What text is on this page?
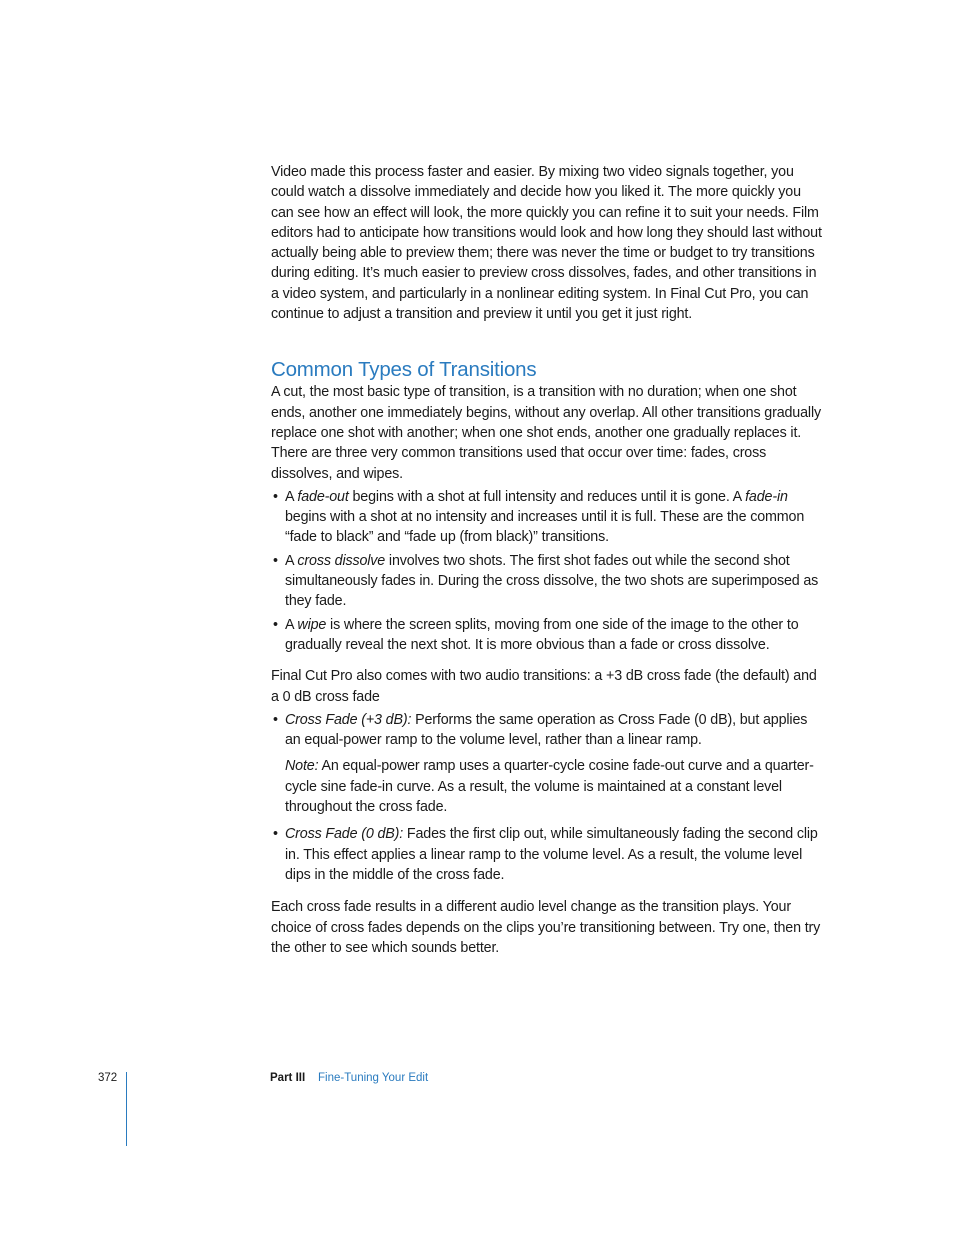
Video made this process faster and easier. By mixing two video signals together, you could watch a dissolve immediately and decide how you liked it. The more quickly you can see how an effect will look, the more quickly you can refine it to suit your needs. Film editors had to anticipate how transitions would look and how long they should last without actually being able to preview them; there was never the time or budget to try transitions during editing. It’s much easier to preview cross dissolves, fades, and other transitions in a video system, and particularly in a nonlinear editing system. In Final Cut Pro, you can continue to adjust a transition and preview it until you get it just right.

Common Types of Transitions

A cut, the most basic type of transition, is a transition with no duration; when one shot ends, another one immediately begins, without any overlap. All other transitions gradually replace one shot with another; when one shot ends, another one gradually replaces it. There are three very common transitions used that occur over time: fades, cross dissolves, and wipes.

• A fade-out begins with a shot at full intensity and reduces until it is gone. A fade-in begins with a shot at no intensity and increases until it is full. These are the common “fade to black” and “fade up (from black)” transitions.
• A cross dissolve involves two shots. The first shot fades out while the second shot simultaneously fades in. During the cross dissolve, the two shots are superimposed as they fade.
• A wipe is where the screen splits, moving from one side of the image to the other to gradually reveal the next shot. It is more obvious than a fade or cross dissolve.

Final Cut Pro also comes with two audio transitions: a +3 dB cross fade (the default) and a 0 dB cross fade

• Cross Fade (+3 dB): Performs the same operation as Cross Fade (0 dB), but applies an equal-power ramp to the volume level, rather than a linear ramp.
Note: An equal-power ramp uses a quarter-cycle cosine fade-out curve and a quarter-cycle sine fade-in curve. As a result, the volume is maintained at a constant level throughout the cross fade.
• Cross Fade (0 dB): Fades the first clip out, while simultaneously fading the second clip in. This effect applies a linear ramp to the volume level. As a result, the volume level dips in the middle of the cross fade.

Each cross fade results in a different audio level change as the transition plays. Your choice of cross fades depends on the clips you’re transitioning between. Try one, then try the other to see which sounds better.

372	Part III Fine-Tuning Your Edit
